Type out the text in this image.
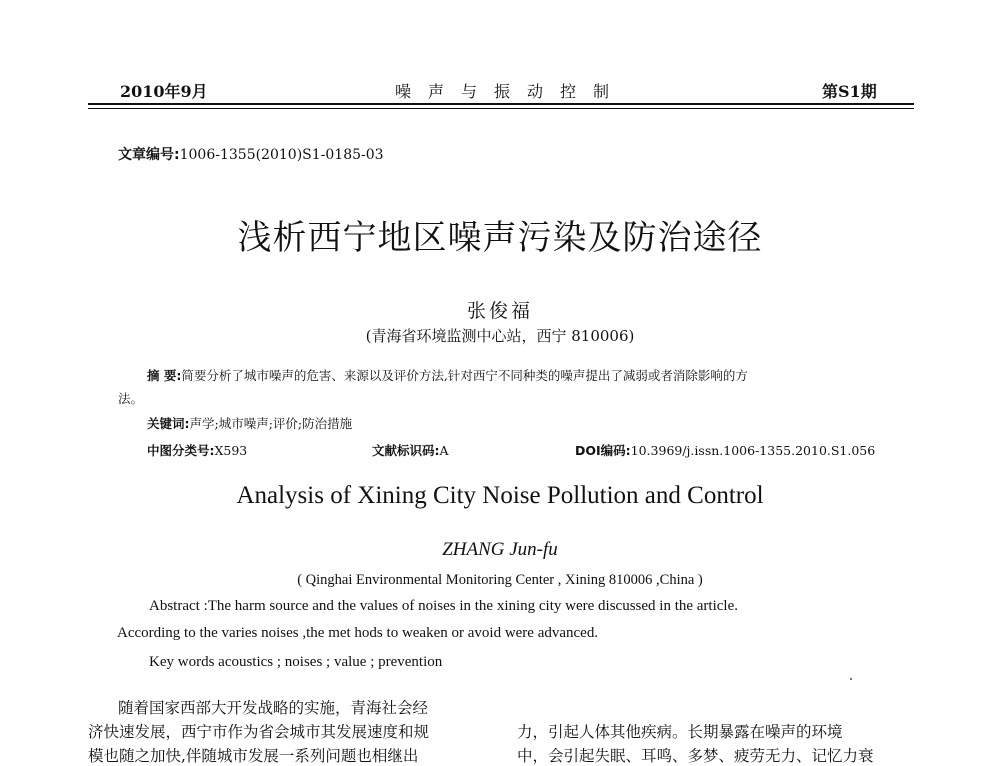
2010年9月	噪声与振动控制	第S1期
文章编号:1006-1355(2010)S1-0185-03
浅析西宁地区噪声污染及防治途径
张俊福
(青海省环境监测中心站，西宁 810006)
摘 要:简要分析了城市噪声的危害、来源以及评价方法,针对西宁不同种类的噪声提出了减弱或者消除影响的方
法。
关键词:声学;城市噪声;评价;防治措施
中图分类号:X593	文献标识码:A	DOI编码:10.3969/j.issn.1006-1355.2010.S1.056
Analysis of Xining City Noise Pollution and Control
ZHANG Jun-fu
( Qinghai Environmental Monitoring Center , Xining 810006 ,China )
Abstract :The harm source and the values of noises in the xining city were discussed in the article.
According to the varies noises ,the met hods to weaken or avoid were advanced.
Key words acoustics ; noises ; value ; prevention
随着国家西部大开发战略的实施，青海社会经
济快速发展，西宁市作为省会城市其发展速度和规
模也随之加快,伴随城市发展一系列问题也相继出
力，引起人体其他疾病。长期暴露在噪声的环境
中，会引起失眠、耳鸣、多梦、疲劳无力、记忆力衰
